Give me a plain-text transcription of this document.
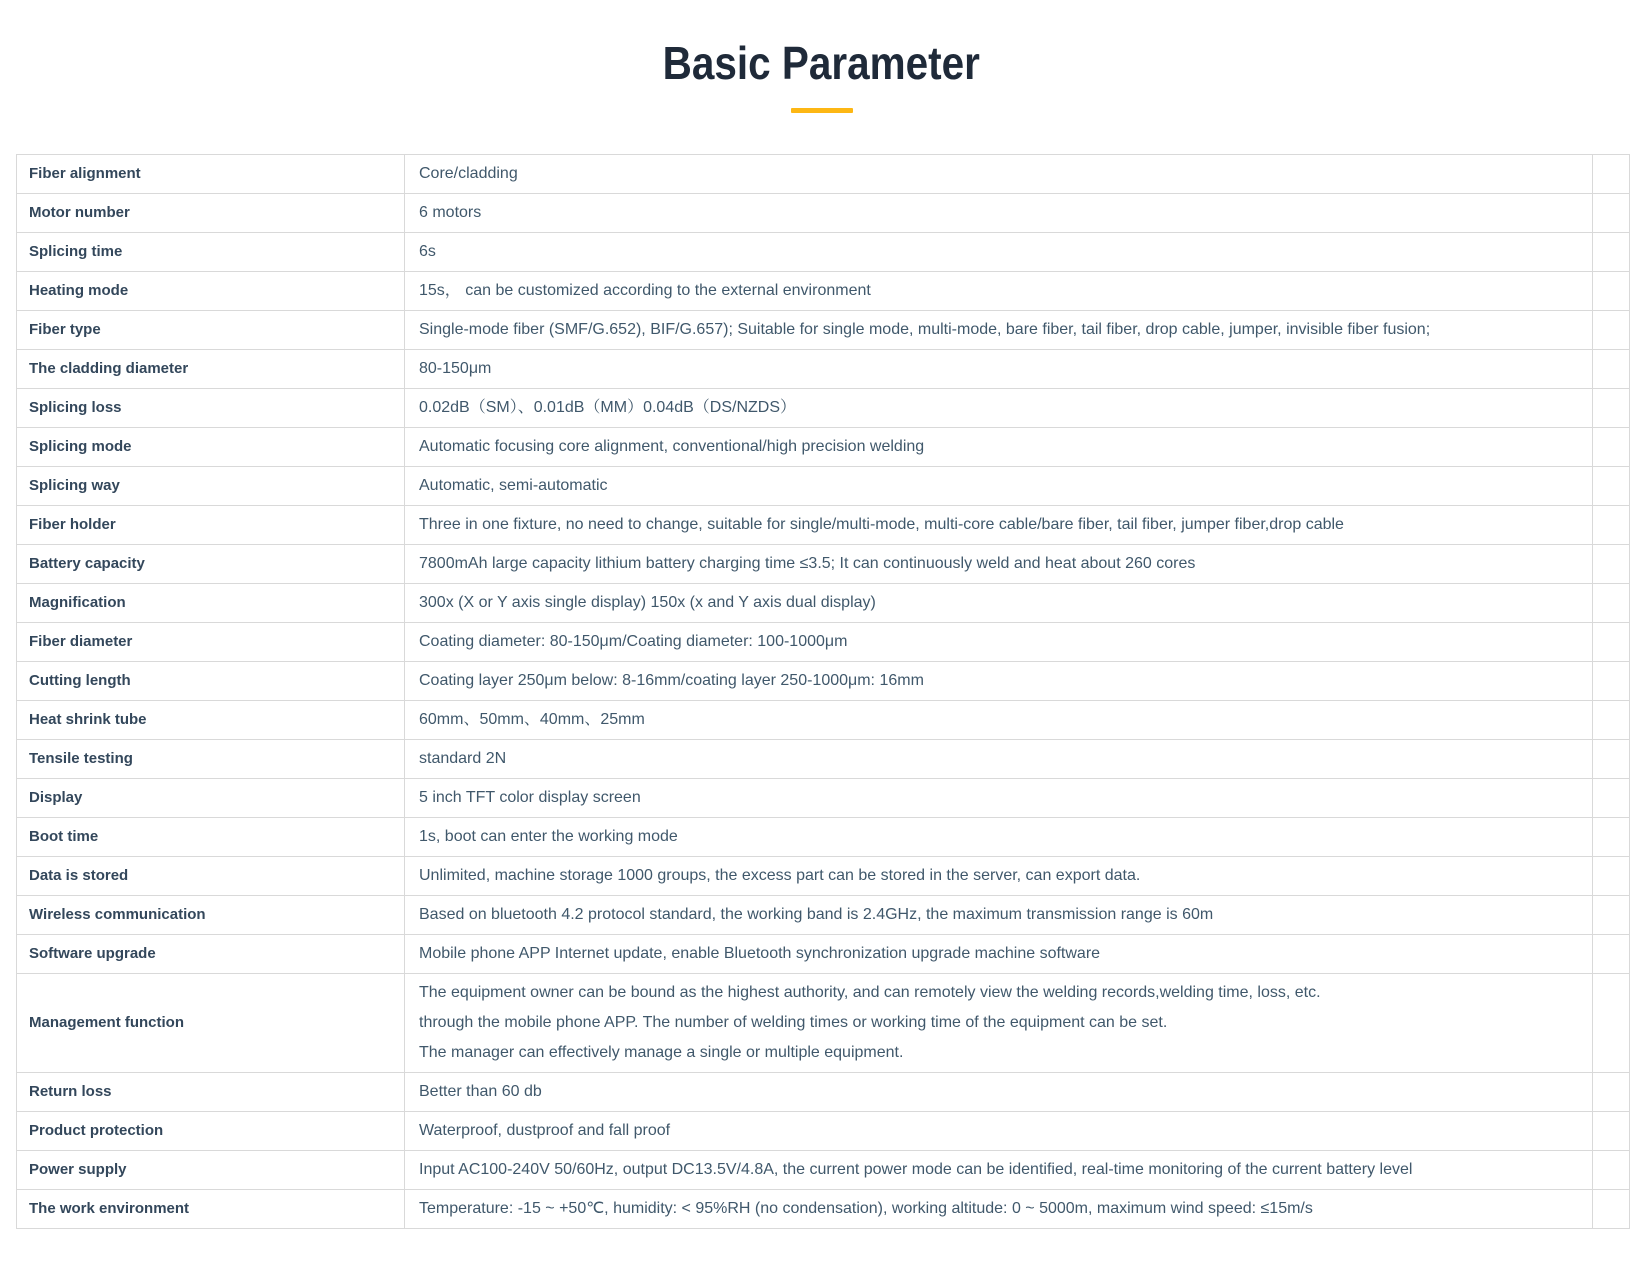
Basic Parameter
Fiber alignment	Core/cladding	
Motor number	6 motors	
Splicing time	6s	
Heating mode	15s， can be customized according to the external environment	
Fiber type	Single-mode fiber (SMF/G.652), BIF/G.657); Suitable for single mode, multi-mode, bare fiber, tail fiber, drop cable, jumper, invisible fiber fusion;	
The cladding diameter	80-150μm	
Splicing loss	0.02dB（SM）、0.01dB（MM）0.04dB（DS/NZDS）	
Splicing mode	Automatic focusing core alignment, conventional/high precision welding	
Splicing way	Automatic, semi-automatic	
Fiber holder	Three in one fixture, no need to change, suitable for single/multi-mode, multi-core cable/bare fiber, tail fiber, jumper fiber,drop cable	
Battery capacity	7800mAh large capacity lithium battery charging time ≤3.5; It can continuously weld and heat about 260 cores	
Magnification	300x (X or Y axis single display) 150x (x and Y axis dual display)	
Fiber diameter	Coating diameter: 80-150μm/Coating diameter: 100-1000μm	
Cutting length	Coating layer 250μm below: 8-16mm/coating layer 250-1000μm: 16mm	
Heat shrink tube	60mm、50mm、40mm、25mm	
Tensile testing	standard 2N	
Display	5 inch TFT color display screen	
Boot time	1s, boot can enter the working mode	
Data is stored	Unlimited, machine storage 1000 groups, the excess part can be stored in the server, can export data.	
Wireless communication	Based on bluetooth 4.2 protocol standard, the working band is 2.4GHz, the maximum transmission range is 60m	
Software upgrade	Mobile phone APP Internet update, enable Bluetooth synchronization upgrade machine software	
Management function	The equipment owner can be bound as the highest authority, and can remotely view the welding records,welding time, loss, etc.
through the mobile phone APP. The number of welding times or working time of the equipment can be set.
The manager can effectively manage a single or multiple equipment.	
Return loss	Better than 60 db	
Product protection	Waterproof, dustproof and fall proof	
Power supply	Input AC100-240V 50/60Hz, output DC13.5V/4.8A, the current power mode can be identified, real-time monitoring of the current battery level	
The work environment	Temperature: -15 ~ +50℃, humidity: < 95%RH (no condensation), working altitude: 0 ~ 5000m, maximum wind speed: ≤15m/s	
